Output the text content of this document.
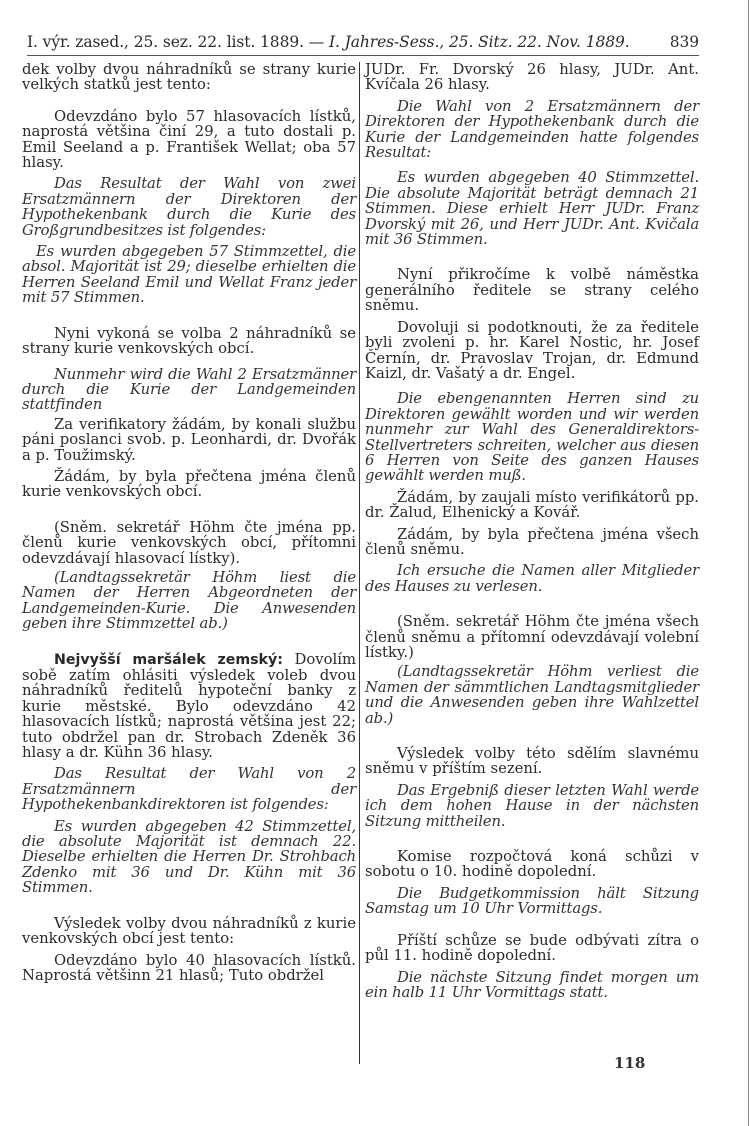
I. výr. zased., 25. sez. 22. list. 1889. — I. Jahres-Sess., 25. Sitz. 22. Nov. 1889.	839

dek volby dvou náhradníků se strany kurie velkých statků jest tento:

Odevzdáno bylo 57 hlasovacích lístků, naprostá většina činí 29, a tuto dostali p. Emil Seeland a p. František Wellat; oba 57 hlasy.

Das Resultat der Wahl von zwei Ersatzmännern der Direktoren der Hypothekenbank durch die Kurie des Großgrundbesitzes ist folgendes:

Es wurden abgegeben 57 Stimmzettel, die absol. Majorität ist 29; dieselbe erhielten die Herren Seeland Emil und Wellat Franz jeder mit 57 Stimmen.

Nyni vykoná se volba 2 náhradníků se strany kurie venkovských obcí.

Nunmehr wird die Wahl 2 Ersatzmänner durch die Kurie der Landgemeinden stattfinden

Za verifikatory žádám, by konali službu páni poslanci svob. p. Leonhardi, dr. Dvořák a p. Toužimský.

Žádám, by byla přečtena jména členů kurie venkovských obcí.

(Sněm. sekretář Höhm čte jména pp. členů kurie venkovských obcí, přítomni odevzdávají hlasovací lístky).

(Landtagssekretär Höhm liest die Namen der Herren Abgeordneten der Landgemeinden-Kurie. Die Anwesenden geben ihre Stimmzettel ab.)

Nejvyšší maršálek zemský: Dovolím sobě zatím ohlásiti výsledek voleb dvou náhradníků ředitelů hypoteční banky z kurie městské. Bylo odevzdáno 42 hlasovacích lístků; naprostá většina jest 22; tuto obdržel pan dr. Strobach Zdeněk 36 hlasy a dr. Kühn 36 hlasy.

Das Resultat der Wahl von 2 Ersatzmännern der Hypothekenbankdirektoren ist folgendes:

Es wurden abgegeben 42 Stimmzettel, die absolute Majorität ist demnach 22. Dieselbe erhielten die Herren Dr. Strohbach Zdenko mit 36 und Dr. Kühn mit 36 Stimmen.

Výsledek volby dvou náhradníků z kurie venkovských obcí jest tento:

Odevzdáno bylo 40 hlasovacích lístků. Naprostá většinn 21 hlasů; Tuto obdržel

JUDr. Fr. Dvorský 26 hlasy, JUDr. Ant. Kvíčala 26 hlasy.

Die Wahl von 2 Ersatzmännern der Direktoren der Hypothekenbank durch die Kurie der Landgemeinden hatte folgendes Resultat:

Es wurden abgegeben 40 Stimmzettel. Die absolute Majorität beträgt demnach 21 Stimmen. Diese erhielt Herr JUDr. Franz Dvorský mit 26, und Herr JUDr. Ant. Kvičala mit 36 Stimmen.

Nyní přikročíme k volbě náměstka generálního ředitele se strany celého sněmu.

Dovoluji si podotknouti, že za ředitele byli zvoleni p. hr. Karel Nostic, hr. Josef Černín, dr. Pravoslav Trojan, dr. Edmund Kaizl, dr. Vašatý a dr. Engel.

Die ebengenannten Herren sind zu Direktoren gewählt worden und wir werden nunmehr zur Wahl des Generaldirektors-Stellvertreters schreiten, welcher aus diesen 6 Herren von Seite des ganzen Hauses gewählt werden muß.

Žádám, by zaujali místo verifikátorů pp. dr. Žalud, Elhenický a Kovář.

Zádám, by byla přečtena jména všech členů sněmu.

Ich ersuche die Namen aller Mitglieder des Hauses zu verlesen.

(Sněm. sekretář Höhm čte jména všech členů sněmu a přítomní odevzdávají volební lístky.)

(Landtagssekretär Höhm verliest die Namen der sämmtlichen Landtagsmitglieder und die Anwesenden geben ihre Wahlzettel ab.)

Výsledek volby této sdělím slavnému sněmu v příštím sezení.

Das Ergebniß dieser letzten Wahl werde ich dem hohen Hause in der nächsten Sitzung mittheilen.

Komise rozpočtová koná schůzi v sobotu o 10. hodině dopolední.

Die Budgetkommission hält Sitzung Samstag um 10 Uhr Vormittags.

Příští schůze se bude odbývati zítra o půl 11. hodině dopolední.

Die nächste Sitzung findet morgen um ein halb 11 Uhr Vormittags statt.

118
